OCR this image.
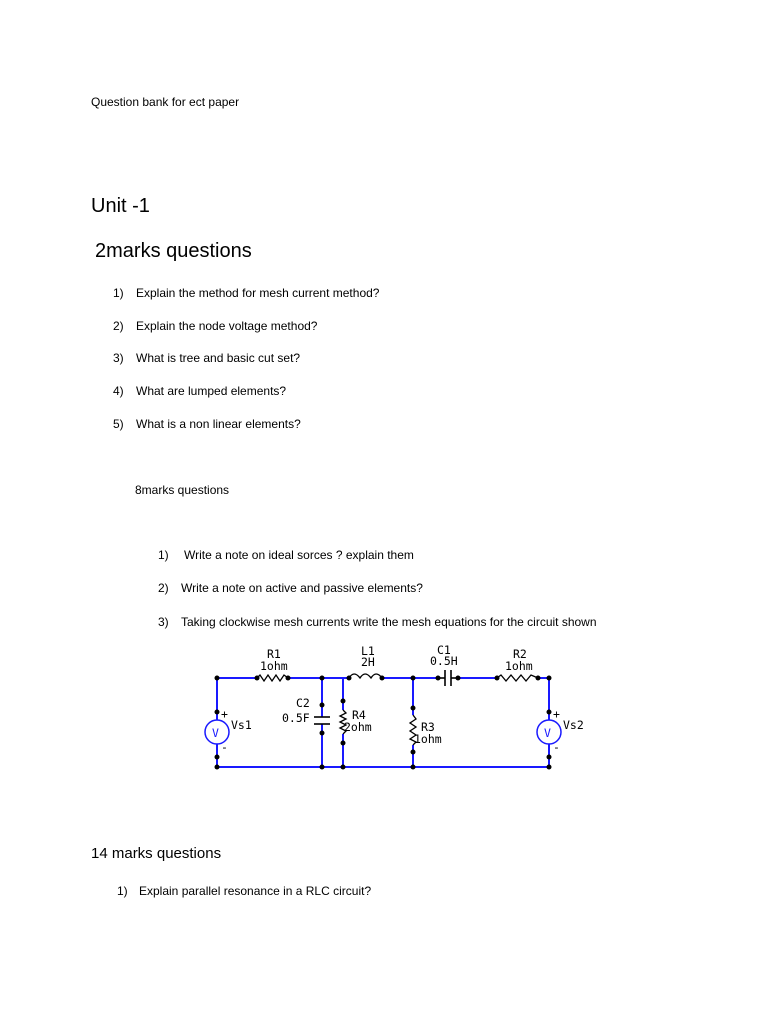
Question bank for ect paper
Unit -1
2marks questions
1) Explain the method for mesh current method?
2) Explain the node voltage method?
3) What is tree and basic cut set?
4) What are lumped elements?
5) What is a non linear elements?
8marks questions
1) Write a note on ideal sorces ? explain them
2) Write a note on active and passive elements?
3) Taking clockwise mesh currents write the mesh equations for the circuit shown
V	V
R1
1ohm
L1
2H
C1
0.5H	R2
1ohm
C2
0.5F	R4
2ohm	R3
1ohm
+
Vs1
-
+
Vs2
-
14 marks questions
1) Explain parallel resonance in a RLC circuit?
